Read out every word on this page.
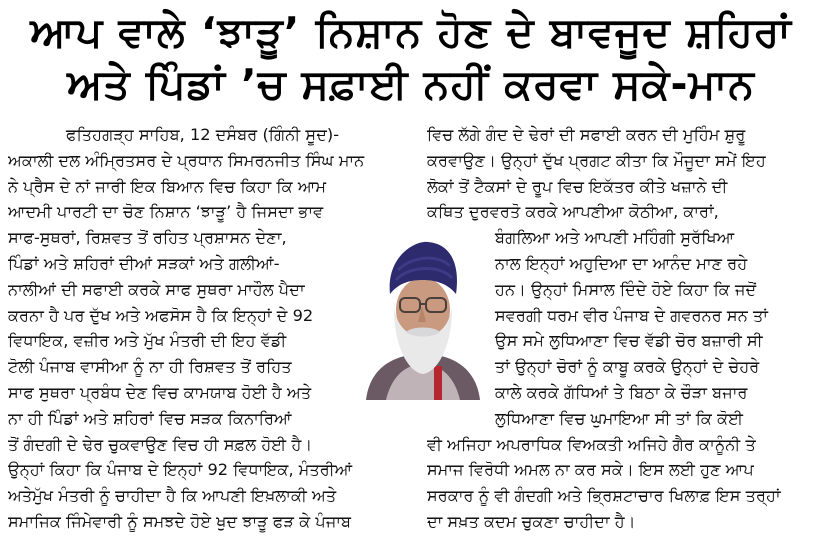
ਆਪ ਵਾਲੇ ‘ਝਾੜੂ’ ਨਿਸ਼ਾਨ ਹੋਣ ਦੇ ਬਾਵਜੂਦ ਸ਼ਹਿਰਾਂ
ਅਤੇ ਪਿੰਡਾਂ ’ਚ ਸਫ਼ਾਈ ਨਹੀਂ ਕਰਵਾ ਸਕੇ-ਮਾਨ
ਫਤਿਹਗੜ੍ਹ ਸਾਹਿਬ, 12 ਦਸੰਬਰ (ਗਿੰਨੀ ਸੂਦ)-
ਅਕਾਲੀ ਦਲ ਅੰਮ੍ਰਿਤਸਰ ਦੇ ਪ੍ਰਧਾਨ ਸਿਮਰਨਜੀਤ ਸਿੰਘ ਮਾਨ
ਨੇ ਪ੍ਰੈਸ ਦੇ ਨਾਂ ਜਾਰੀ ਇਕ ਬਿਆਨ ਵਿਚ ਕਿਹਾ ਕਿ ਆਮ
ਆਦਮੀ ਪਾਰਟੀ ਦਾ ਚੋਣ ਨਿਸ਼ਾਨ ‘ਝਾੜੂ’ ਹੈ ਜਿਸਦਾ ਭਾਵ
ਸਾਫ-ਸੁਥਰਾਂ, ਰਿਸ਼ਵਤ ਤੋਂ ਰਹਿਤ ਪ੍ਰਸ਼ਾਸਨ ਦੇਣਾ,
ਪਿੰਡਾਂ ਅਤੇ ਸ਼ਹਿਰਾਂ ਦੀਆਂ ਸੜਕਾਂ ਅਤੇ ਗਲੀਆਂ-
ਨਾਲੀਆਂ ਦੀ ਸਫਾਈ ਕਰਕੇ ਸਾਫ ਸੁਥਰਾ ਮਾਹੌਲ ਪੈਦਾ
ਕਰਨਾ ਹੈ ਪਰ ਦੁੱਖ ਅਤੇ ਅਫਸੋਸ ਹੈ ਕਿ ਇਨ੍ਹਾਂ ਦੇ 92
ਵਿਧਾਇਕ, ਵਜ਼ੀਰ ਅਤੇ ਮੁੱਖ ਮੰਤਰੀ ਦੀ ਇਹ ਵੱਡੀ
ਟੋਲੀ ਪੰਜਾਬ ਵਾਸੀਆ ਨੂੰ ਨਾ ਹੀ ਰਿਸ਼ਵਤ ਤੋਂ ਰਹਿਤ
ਸਾਫ ਸੁਥਰਾ ਪ੍ਰਬੰਧ ਦੇਣ ਵਿਚ ਕਾਮਯਾਬ ਹੋਈ ਹੈ ਅਤੇ
ਨਾ ਹੀ ਪਿੰਡਾਂ ਅਤੇ ਸ਼ਹਿਰਾਂ ਵਿਚ ਸੜਕ ਕਿਨਾਰਿਆਂ
ਤੋਂ ਗੰਦਗੀ ਦੇ ਢੇਰ ਚੁਕਵਾਉਣ ਵਿਚ ਹੀ ਸਫ਼ਲ ਹੋਈ ਹੈ।
ਉਨ੍ਹਾਂ ਕਿਹਾ ਕਿ ਪੰਜਾਬ ਦੇ ਇਨ੍ਹਾਂ 92 ਵਿਧਾਇਕ, ਮੰਤਰੀਆਂ
ਅਤੇਮੁੱਖ ਮੰਤਰੀ ਨੂੰ ਚਾਹੀਦਾ ਹੈ ਕਿ ਆਪਣੀ ਇਖ਼ਲਾਕੀ ਅਤੇ
ਸਮਾਜਿਕ ਜਿੰਮੇਵਾਰੀ ਨੂੰ ਸਮਝਦੇ ਹੋਏ ਖੁਦ ਝਾੜੂ ਫੜ ਕੇ ਪੰਜਾਬ
ਵਿਚ ਲੱਗੇ ਗੰਦ ਦੇ ਢੇਰਾਂ ਦੀ ਸਫਾਈ ਕਰਨ ਦੀ ਮੁਹਿੰਮ ਸ਼ੁਰੂ
ਕਰਵਾਉਣ। ਉਨ੍ਹਾਂ ਦੁੱਖ ਪ੍ਰਗਟ ਕੀਤਾ ਕਿ ਮੌਜੂਦਾ ਸਮੇਂ ਇਹ
ਲੋਕਾਂ ਤੋਂ ਟੈਕਸਾਂ ਦੇ ਰੂਪ ਵਿਚ ਇਕੱਤਰ ਕੀਤੇ ਖਜ਼ਾਨੇ ਦੀ
ਕਥਿਤ ਦੁਰਵਰਤੋ ਕਰਕੇ ਆਪਣੀਆ ਕੋਠੀਆ, ਕਾਰਾਂ,
ਬੰਗਲਿਆ ਅਤੇ ਆਪਣੀ ਮਹਿੰਗੀ ਸੁਰੱਖਿਆ
ਨਾਲ ਇਨ੍ਹਾਂ ਅਹੁਦਿਆ ਦਾ ਆਨੰਦ ਮਾਣ ਰਹੇ
ਹਨ। ਉਨ੍ਹਾਂ ਮਿਸਾਲ ਦਿੰਦੇ ਹੋਏ ਕਿਹਾ ਕਿ ਜਦੋਂ
ਸਵਰਗੀ ਧਰਮ ਵੀਰ ਪੰਜਾਬ ਦੇ ਗਵਰਨਰ ਸਨ ਤਾਂ
ਉਸ ਸਮੇ ਲੁਧਿਆਣਾ ਵਿਚ ਵੱਡੀ ਚੋਰ ਬਜ਼ਾਰੀ ਸੀ
ਤਾਂ ਉਨ੍ਹਾਂ ਚੋਰਾਂ ਨੂੰ ਕਾਬੂ ਕਰਕੇ ਉਨ੍ਹਾਂ ਦੇ ਚੇਹਰੇ
ਕਾਲੇ ਕਰਕੇ ਗੱਧਿਆਂ ਤੇ ਬਿਠਾ ਕੇ ਚੌੜਾ ਬਜਾਰ
ਲੁਧਿਆਣਾ ਵਿਚ ਘੁਮਾਇਆ ਸੀ ਤਾਂ ਕਿ ਕੋਈ
ਵੀ ਅਜਿਹਾ ਅਪਰਾਧਿਕ ਵਿਅਕਤੀ ਅਜਿਹੇ ਗੈਰ ਕਾਨੂੰਨੀ ਤੇ
ਸਮਾਜ ਵਿਰੋਧੀ ਅਮਲ ਨਾ ਕਰ ਸਕੇ। ਇਸ ਲਈ ਹੁਣ ਆਪ
ਸਰਕਾਰ ਨੂੰ ਵੀ ਗੰਦਗੀ ਅਤੇ ਭ੍ਰਿਸ਼ਟਾਚਾਰ ਖਿਲਾਫ਼ ਇਸ ਤਰ੍ਹਾਂ
ਦਾ ਸਖ਼ਤ ਕਦਮ ਚੁਕਣਾ ਚਾਹੀਦਾ ਹੈ।
